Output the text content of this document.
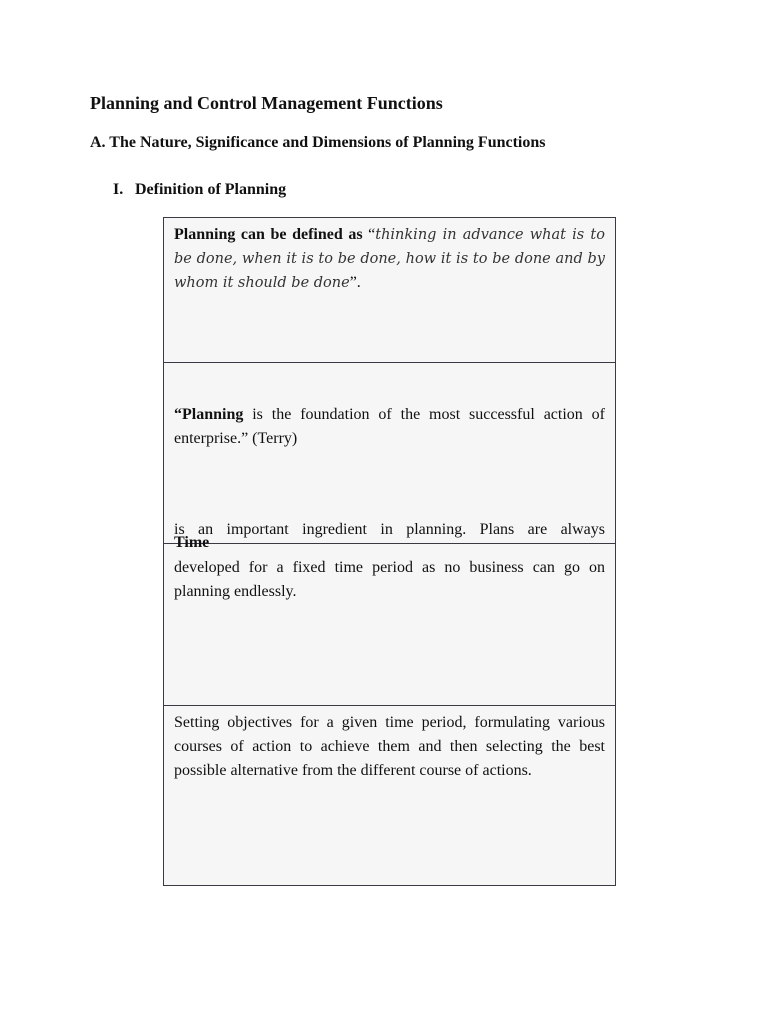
Planning and Control Management Functions
A. The Nature, Significance and Dimensions of Planning Functions
I. Definition of Planning

Planning can be defined as “thinking in advance what is to be done, when it is to be done, how it is to be done and by whom it should be done”.

“Planning is the foundation of the most successful action of enterprise.” (Terry)

Time
is an important ingredient in planning. Plans are always

developed for a fixed time period as no business can go on planning endlessly.

Setting objectives for a given time period, formulating various courses of action to achieve them and then selecting the best possible alternative from the different course of actions.
